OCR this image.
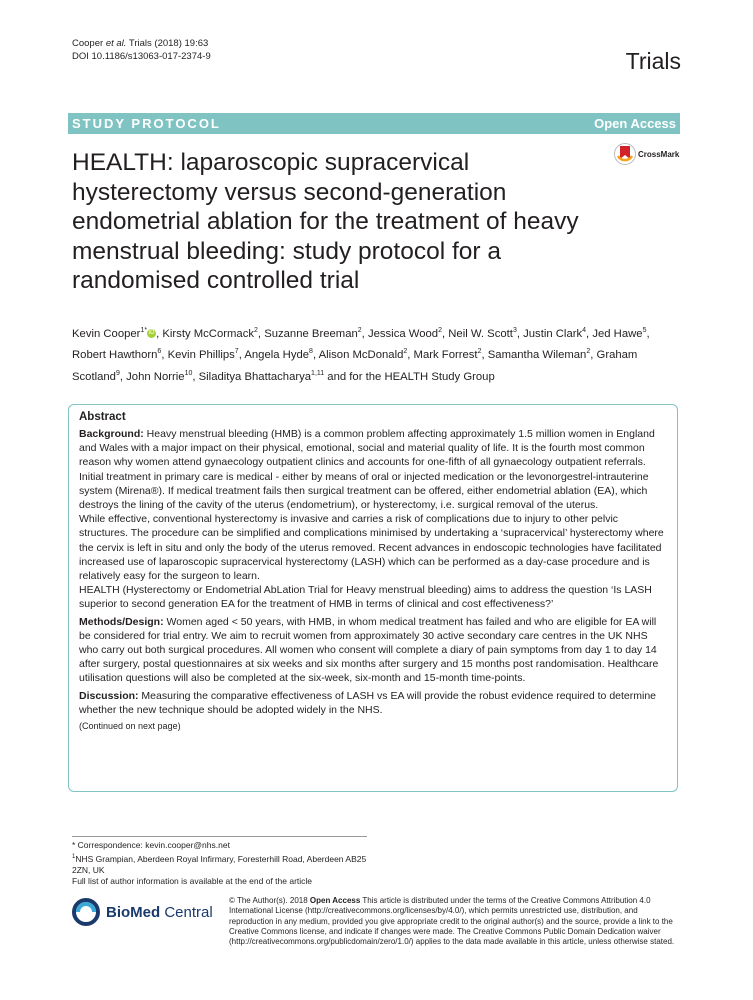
Cooper et al. Trials (2018) 19:63
DOI 10.1186/s13063-017-2374-9	Trials
STUDY PROTOCOL	Open Access
HEALTH: laparoscopic supracervical hysterectomy versus second-generation endometrial ablation for the treatment of heavy menstrual bleeding: study protocol for a randomised controlled trial
CrossMark
Kevin Cooper$^{1*}$ iD , Kirsty McCormack$^2$, Suzanne Breeman$^2$, Jessica Wood$^2$, Neil W. Scott$^3$, Justin Clark$^4$, Jed Hawe$^5$, Robert Hawthorn$^6$, Kevin Phillips$^7$, Angela Hyde$^8$, Alison McDonald$^2$, Mark Forrest$^2$, Samantha Wileman$^2$, Graham Scotland$^9$, John Norrie$^{10}$, Siladitya Bhattacharya$^{1,11}$ and for the HEALTH Study Group

Abstract

Background: Heavy menstrual bleeding (HMB) is a common problem affecting approximately 1.5 million women in England and Wales with a major impact on their physical, emotional, social and material quality of life. It is the fourth most common reason why women attend gynaecology outpatient clinics and accounts for one-fifth of all gynaecology outpatient referrals. Initial treatment in primary care is medical - either by means of oral or injected medication or the levonorgestrel-intrauterine system (Mirena®). If medical treatment fails then surgical treatment can be offered, either endometrial ablation (EA), which destroys the lining of the cavity of the uterus (endometrium), or hysterectomy, i.e. surgical removal of the uterus.

While effective, conventional hysterectomy is invasive and carries a risk of complications due to injury to other pelvic structures. The procedure can be simplified and complications minimised by undertaking a ‘supracervical’ hysterectomy where the cervix is left in situ and only the body of the uterus removed. Recent advances in endoscopic technologies have facilitated increased use of laparoscopic supracervical hysterectomy (LASH) which can be performed as a day-case procedure and is relatively easy for the surgeon to learn.

HEALTH (Hysterectomy or Endometrial AbLation Trial for Heavy menstrual bleeding) aims to address the question ‘Is LASH superior to second generation EA for the treatment of HMB in terms of clinical and cost effectiveness?’

Methods/Design: Women aged < 50 years, with HMB, in whom medical treatment has failed and who are eligible for EA will be considered for trial entry. We aim to recruit women from approximately 30 active secondary care centres in the UK NHS who carry out both surgical procedures. All women who consent will complete a diary of pain symptoms from day 1 to day 14 after surgery, postal questionnaires at six weeks and six months after surgery and 15 months post randomisation. Healthcare utilisation questions will also be completed at the six-week, six-month and 15-month time-points.

Discussion: Measuring the comparative effectiveness of LASH vs EA will provide the robust evidence required to determine whether the new technique should be adopted widely in the NHS.

(Continued on next page)
* Correspondence: kevin.cooper@nhs.net
$^1$NHS Grampian, Aberdeen Royal Infirmary, Foresterhill Road, Aberdeen AB25 2ZN, UK
Full list of author information is available at the end of the article
BioMed Central
© The Author(s). 2018 Open Access This article is distributed under the terms of the Creative Commons Attribution 4.0 International License (http://creativecommons.org/licenses/by/4.0/), which permits unrestricted use, distribution, and reproduction in any medium, provided you give appropriate credit to the original author(s) and the source, provide a link to the Creative Commons license, and indicate if changes were made. The Creative Commons Public Domain Dedication waiver (http://creativecommons.org/publicdomain/zero/1.0/) applies to the data made available in this article, unless otherwise stated.
